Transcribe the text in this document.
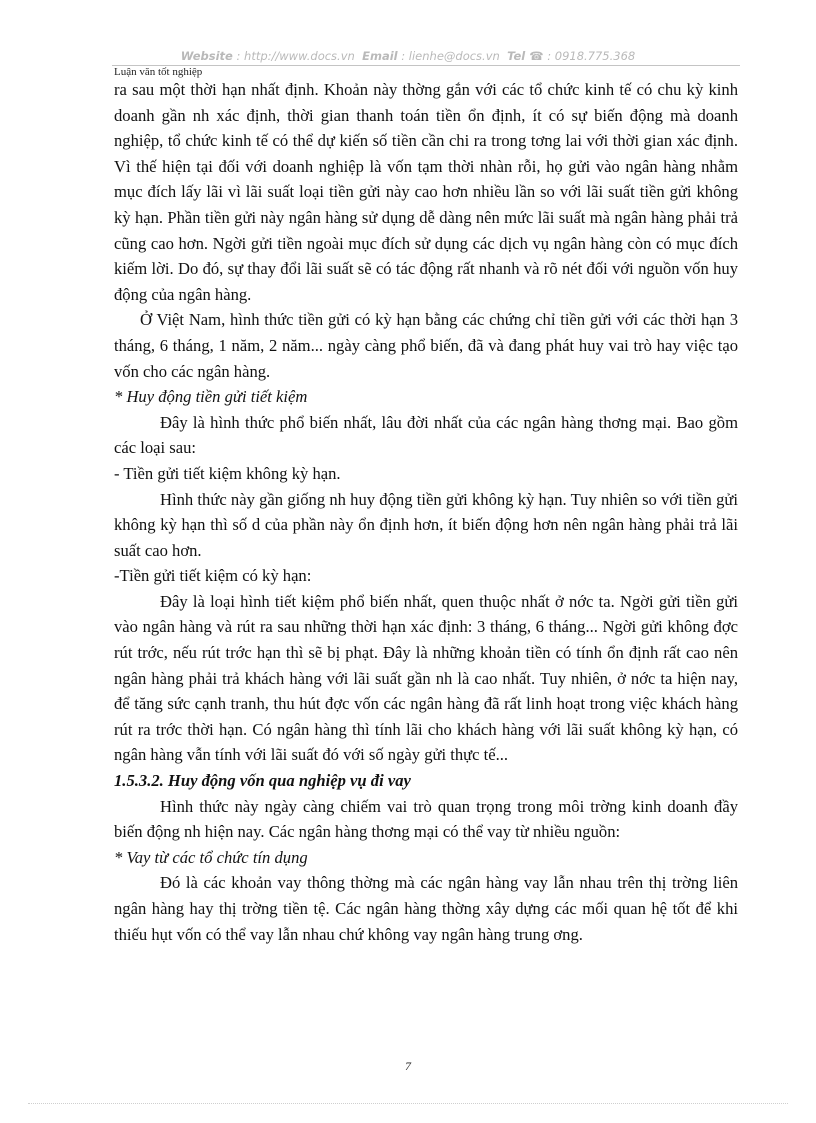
Website : http://www.docs.vn Email : lienhe@docs.vn Tel ☎ : 0918.775.368
Luận văn tốt nghiệp

ra sau một thời hạn nhất định. Khoản này thờng gắn với các tổ chức kinh tế có chu kỳ kinh doanh gần nh xác định, thời gian thanh toán tiền ổn định, ít có sự biến động mà doanh nghiệp, tổ chức kinh tế có thể dự kiến số tiền cần chi ra trong tơng lai với thời gian xác định. Vì thế hiện tại đối với doanh nghiệp là vốn tạm thời nhàn rỗi, họ gửi vào ngân hàng nhằm mục đích lấy lãi vì lãi suất loại tiền gửi này cao hơn nhiều lần so với lãi suất tiền gửi không kỳ hạn. Phần tiền gửi này ngân hàng sử dụng dễ dàng nên mức lãi suất mà ngân hàng phải trả cũng cao hơn. Ngời gửi tiền ngoài mục đích sử dụng các dịch vụ ngân hàng còn có mục đích kiếm lời. Do đó, sự thay đổi lãi suất sẽ có tác động rất nhanh và rõ nét đối với nguồn vốn huy động của ngân hàng.

Ở Việt Nam, hình thức tiền gửi có kỳ hạn bằng các chứng chỉ tiền gửi với các thời hạn 3 tháng, 6 tháng, 1 năm, 2 năm... ngày càng phổ biến, đã và đang phát huy vai trò hay việc tạo vốn cho các ngân hàng.

* Huy động tiền gửi tiết kiệm

Đây là hình thức phổ biến nhất, lâu đời nhất của các ngân hàng thơng mại. Bao gồm các loại sau:

- Tiền gửi tiết kiệm không kỳ hạn.

Hình thức này gần giống nh huy động tiền gửi không kỳ hạn. Tuy nhiên so với tiền gửi không kỳ hạn thì số d của phần này ổn định hơn, ít biến động hơn nên ngân hàng phải trả lãi suất cao hơn.

-Tiền gửi tiết kiệm có kỳ hạn:

Đây là loại hình tiết kiệm phổ biến nhất, quen thuộc nhất ở nớc ta. Ngời gửi tiền gửi vào ngân hàng và rút ra sau những thời hạn xác định: 3 tháng, 6 tháng... Ngời gửi không đợc rút trớc, nếu rút trớc hạn thì sẽ bị phạt. Đây là những khoản tiền có tính ổn định rất cao nên ngân hàng phải trả khách hàng với lãi suất gần nh là cao nhất. Tuy nhiên, ở nớc ta hiện nay, để tăng sức cạnh tranh, thu hút đợc vốn các ngân hàng đã rất linh hoạt trong việc khách hàng rút ra trớc thời hạn. Có ngân hàng thì tính lãi cho khách hàng với lãi suất không kỳ hạn, có ngân hàng vẫn tính với lãi suất đó với số ngày gửi thực tế...

1.5.3.2. Huy động vốn qua nghiệp vụ đi vay

Hình thức này ngày càng chiếm vai trò quan trọng trong môi trờng kinh doanh đầy biến động nh hiện nay. Các ngân hàng thơng mại có thể vay từ nhiều nguồn:

* Vay từ các tổ chức tín dụng

Đó là các khoản vay thông thờng mà các ngân hàng vay lẫn nhau trên thị trờng liên ngân hàng hay thị trờng tiền tệ. Các ngân hàng thờng xây dựng các mối quan hệ tốt để khi thiếu hụt vốn có thể vay lẫn nhau chứ không vay ngân hàng trung ơng.

7
